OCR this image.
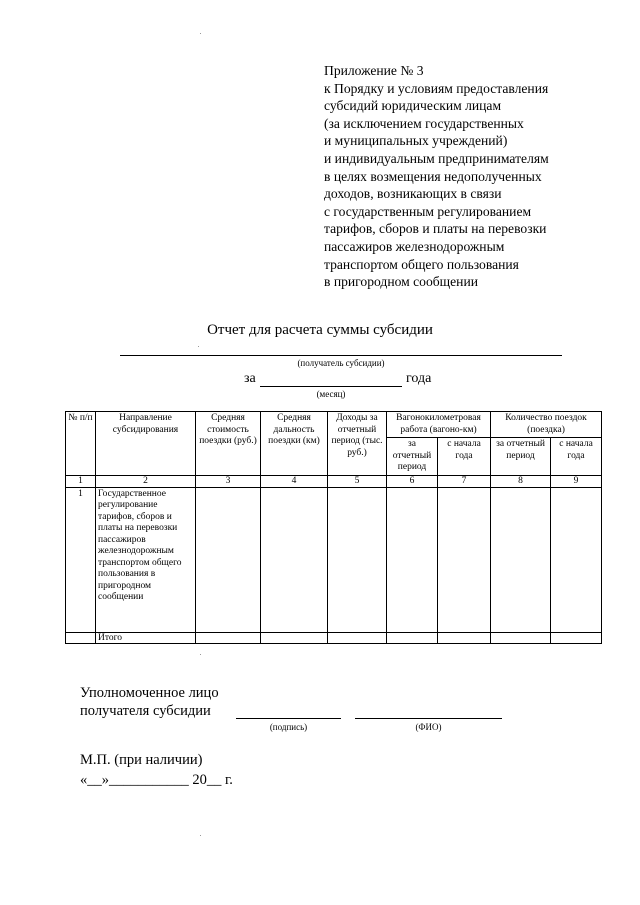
Приложение № 3
к Порядку и условиям предоставления
субсидий юридическим лицам
(за исключением государственных
и муниципальных учреждений)
и индивидуальным предпринимателям
в целях возмещения недополученных
доходов, возникающих в связи
с государственным регулированием
тарифов, сборов и платы на перевозки
пассажиров железнодорожным
транспортом общего пользования
в пригородном сообщении
Отчет для расчета суммы субсидии
(получатель субсидии)
за	года
(месяц)
№ п/п	Направление субсидирования	Средняя стоимость поездки (руб.)	Средняя дальность поездки (км)	Доходы за отчетный период (тыс. руб.)	Вагонокилометровая работа (вагоно-км)		Количество поездок (поездка)	
					за отчетный период	с начала года	за отчетный период	с начала года
1	2	3	4	5	6	7	8	9
1	Государственное регулирование тарифов, сборов и платы на перевозки пассажиров железнодорожным транспортом общего пользования в пригородном сообщении							
	Итого							
Уполномоченное лицо
получателя субсидии
(подпись)	(ФИО)
М.П. (при наличии)
«__»___________ 20__ г.
